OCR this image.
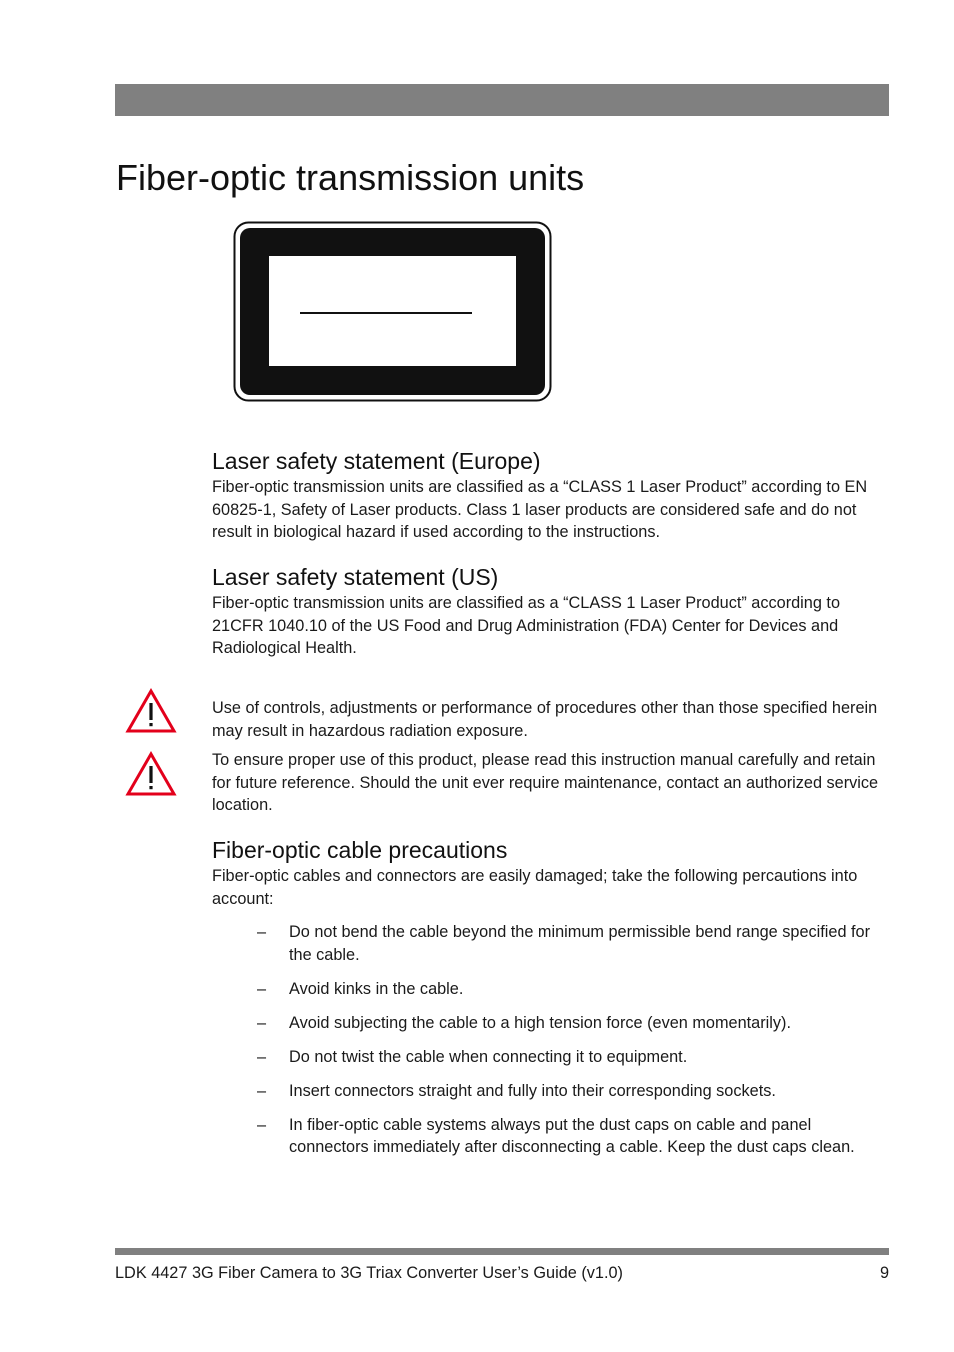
Fiber-optic transmission units
Laser safety statement (Europe)

Fiber-optic transmission units are classified as a “CLASS 1 Laser Product” according to EN 60825-1, Safety of Laser products. Class 1 laser products are considered safe and do not result in biological hazard if used according to the instructions.

Laser safety statement (US)

Fiber-optic transmission units are classified as a “CLASS 1 Laser Product” according to 21CFR 1040.10 of the US Food and Drug Administration (FDA) Center for Devices and Radiological Health.

Use of controls, adjustments or performance of procedures other than those specified herein may result in hazardous radiation exposure.

To ensure proper use of this product, please read this instruction manual carefully and retain for future reference. Should the unit ever require maintenance, contact an authorized service location.

Fiber-optic cable precautions

Fiber-optic cables and connectors are easily damaged; take the following percautions into account:

– Do not bend the cable beyond the minimum permissible bend range specified for the cable.
– Avoid kinks in the cable.
– Avoid subjecting the cable to a high tension force (even momentarily).
– Do not twist the cable when connecting it to equipment.
– Insert connectors straight and fully into their corresponding sockets.
– In fiber-optic cable systems always put the dust caps on cable and panel connectors immediately after disconnecting a cable. Keep the dust caps clean.
LDK 4427 3G Fiber Camera to 3G Triax Converter User’s Guide (v1.0)	9
